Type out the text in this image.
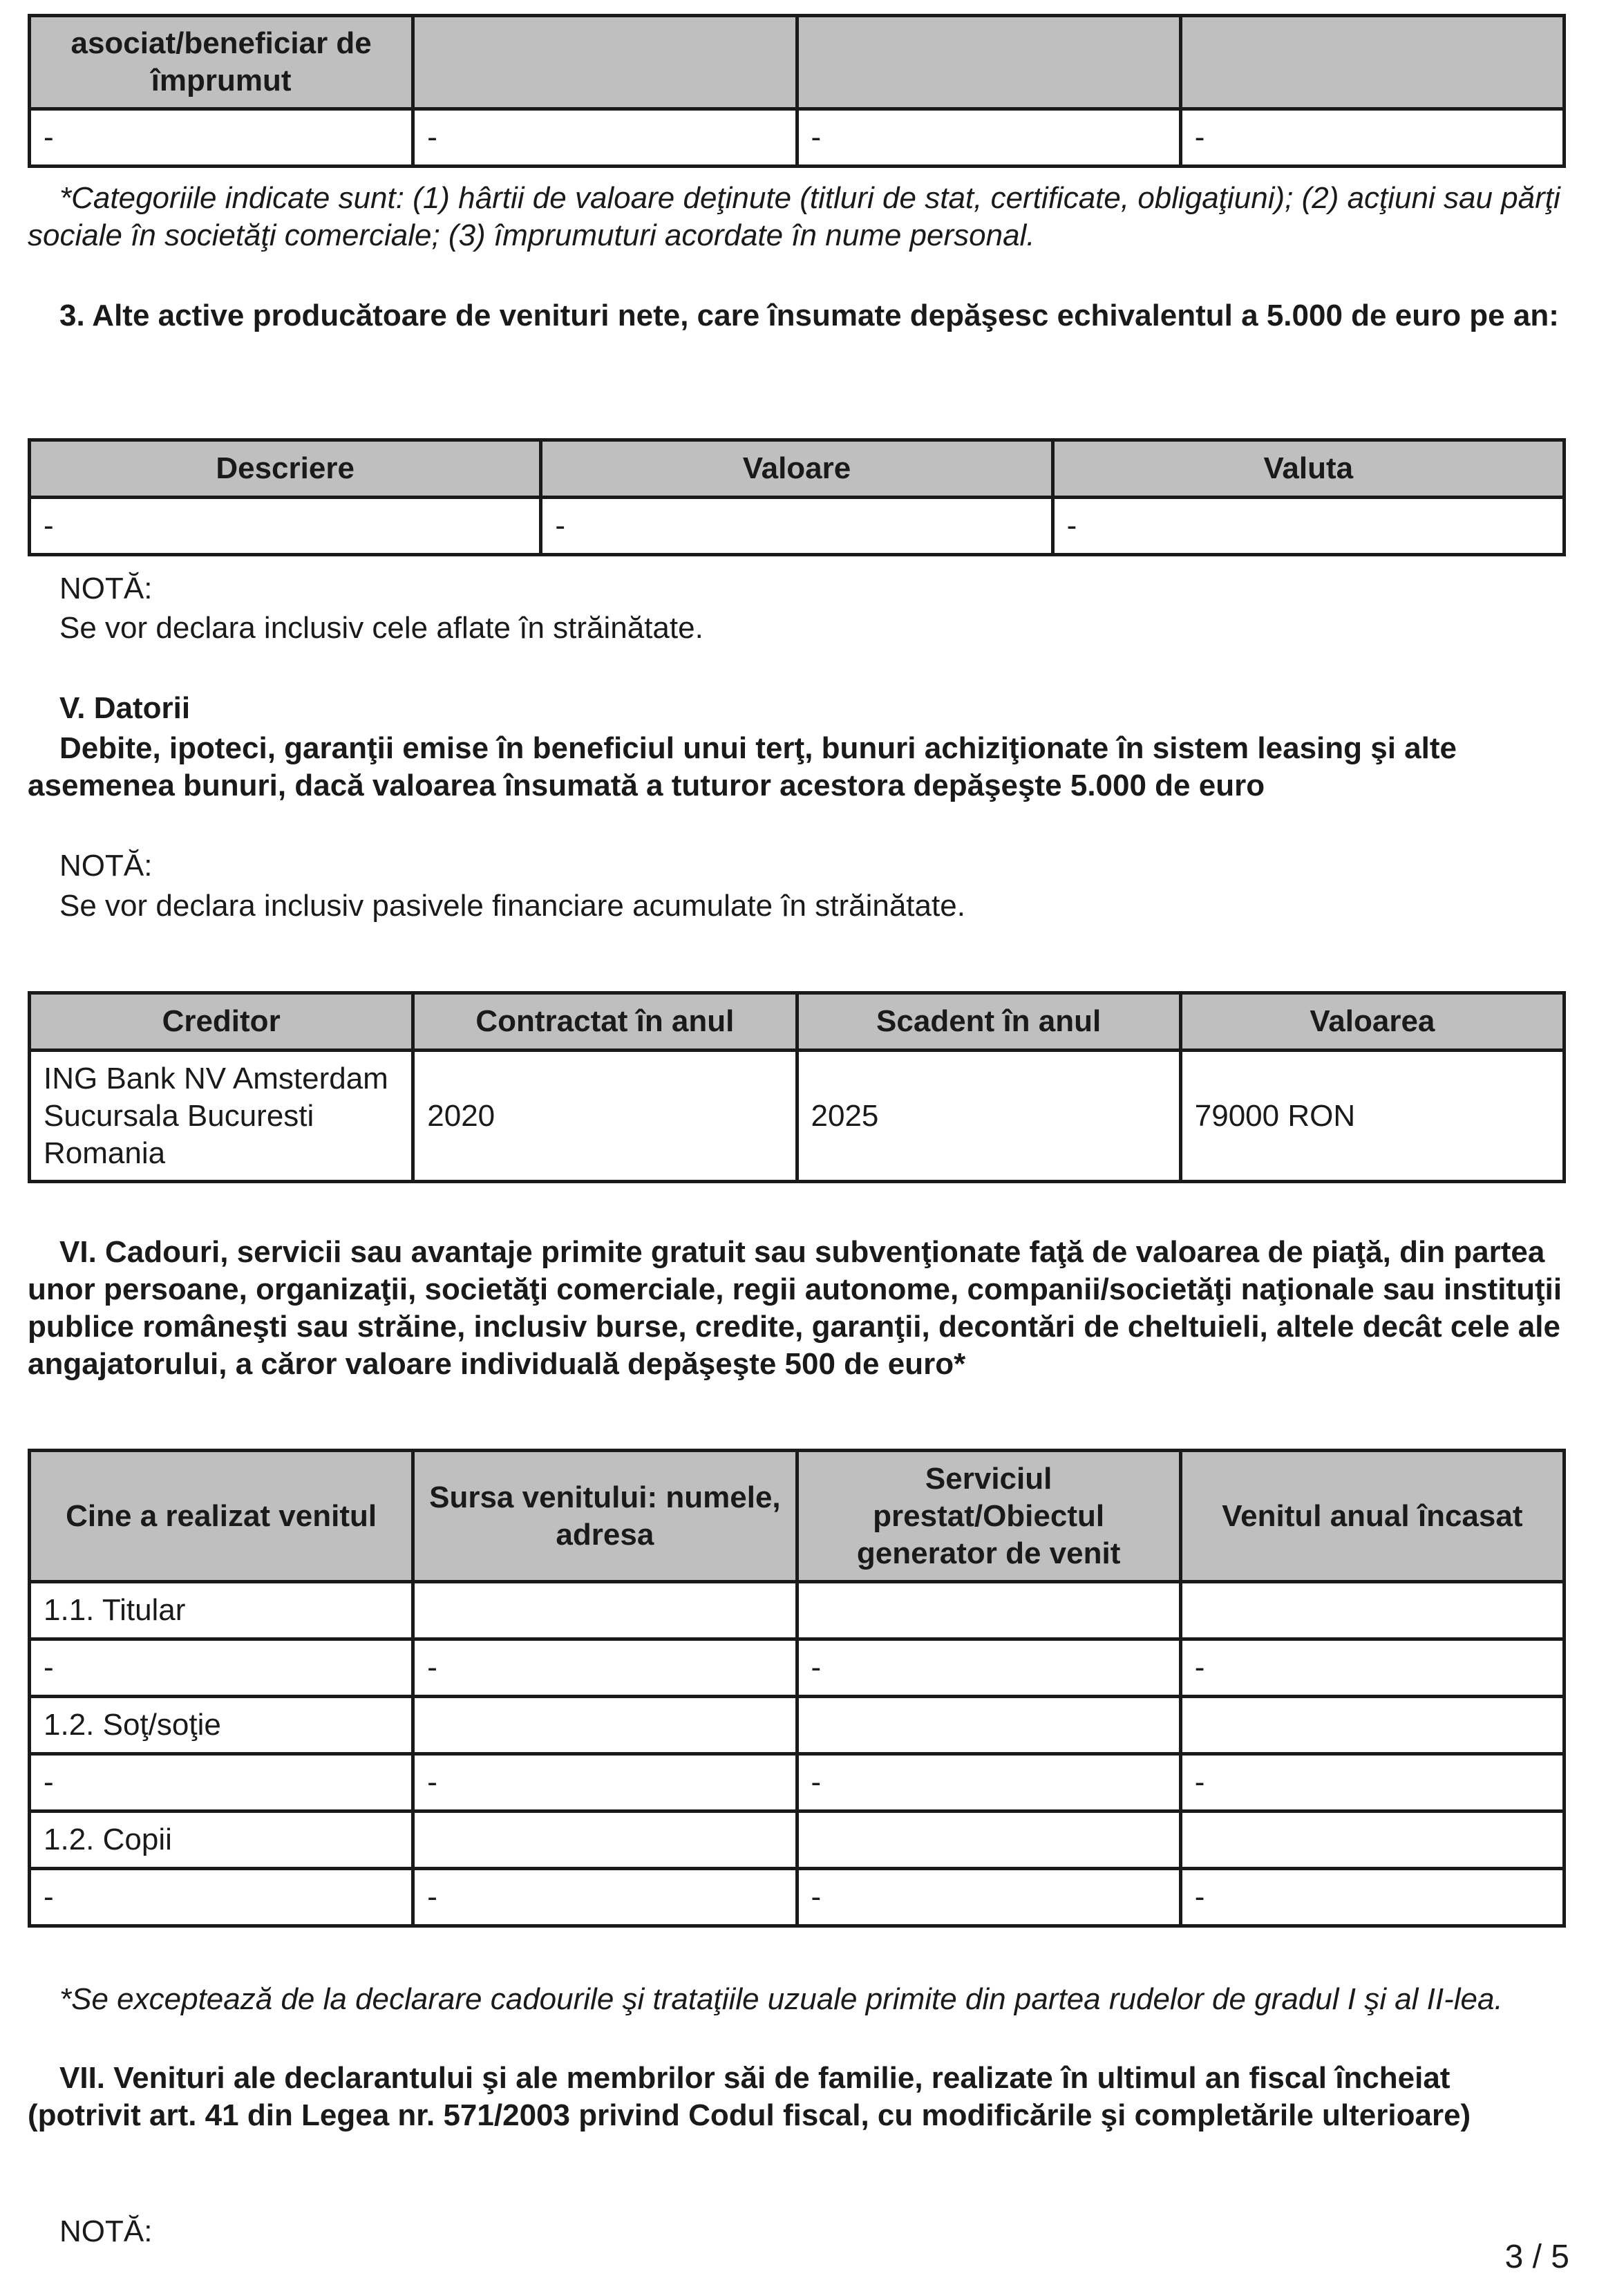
asociat/beneficiar de împrumut			
-	-	-	-

*Categoriile indicate sunt: (1) hârtii de valoare deţinute (titluri de stat, certificate, obligaţiuni); (2) acţiuni sau părţi sociale în societăţi comerciale; (3) împrumuturi acordate în nume personal.

3. Alte active producătoare de venituri nete, care însumate depăşesc echivalentul a 5.000 de euro pe an:

Descriere	Valoare	Valuta
-	-	-

NOTĂ:

Se vor declara inclusiv cele aflate în străinătate.

V. Datorii

Debite, ipoteci, garanţii emise în beneficiul unui terţ, bunuri achiziţionate în sistem leasing şi alte asemenea bunuri, dacă valoarea însumată a tuturor acestora depăşeşte 5.000 de euro

NOTĂ:

Se vor declara inclusiv pasivele financiare acumulate în străinătate.

Creditor	Contractat în anul	Scadent în anul	Valoarea
ING Bank NV Amsterdam Sucursala Bucuresti Romania	2020	2025	79000 RON

VI. Cadouri, servicii sau avantaje primite gratuit sau subvenţionate faţă de valoarea de piaţă, din partea unor persoane, organizaţii, societăţi comerciale, regii autonome, companii/societăţi naţionale sau instituţii publice româneşti sau străine, inclusiv burse, credite, garanţii, decontări de cheltuieli, altele decât cele ale angajatorului, a căror valoare individuală depăşeşte 500 de euro*

Cine a realizat venitul	Sursa venitului: numele, adresa	Serviciul prestat/Obiectul generator de venit	Venitul anual încasat
1.1. Titular			
-	-	-	-
1.2. Soţ/soţie			
-	-	-	-
1.2. Copii			
-	-	-	-

*Se exceptează de la declarare cadourile şi trataţiile uzuale primite din partea rudelor de gradul I şi al II-lea.

VII. Venituri ale declarantului şi ale membrilor săi de familie, realizate în ultimul an fiscal încheiat (potrivit art. 41 din Legea nr. 571/2003 privind Codul fiscal, cu modificările şi completările ulterioare)

NOTĂ:

3 / 5
